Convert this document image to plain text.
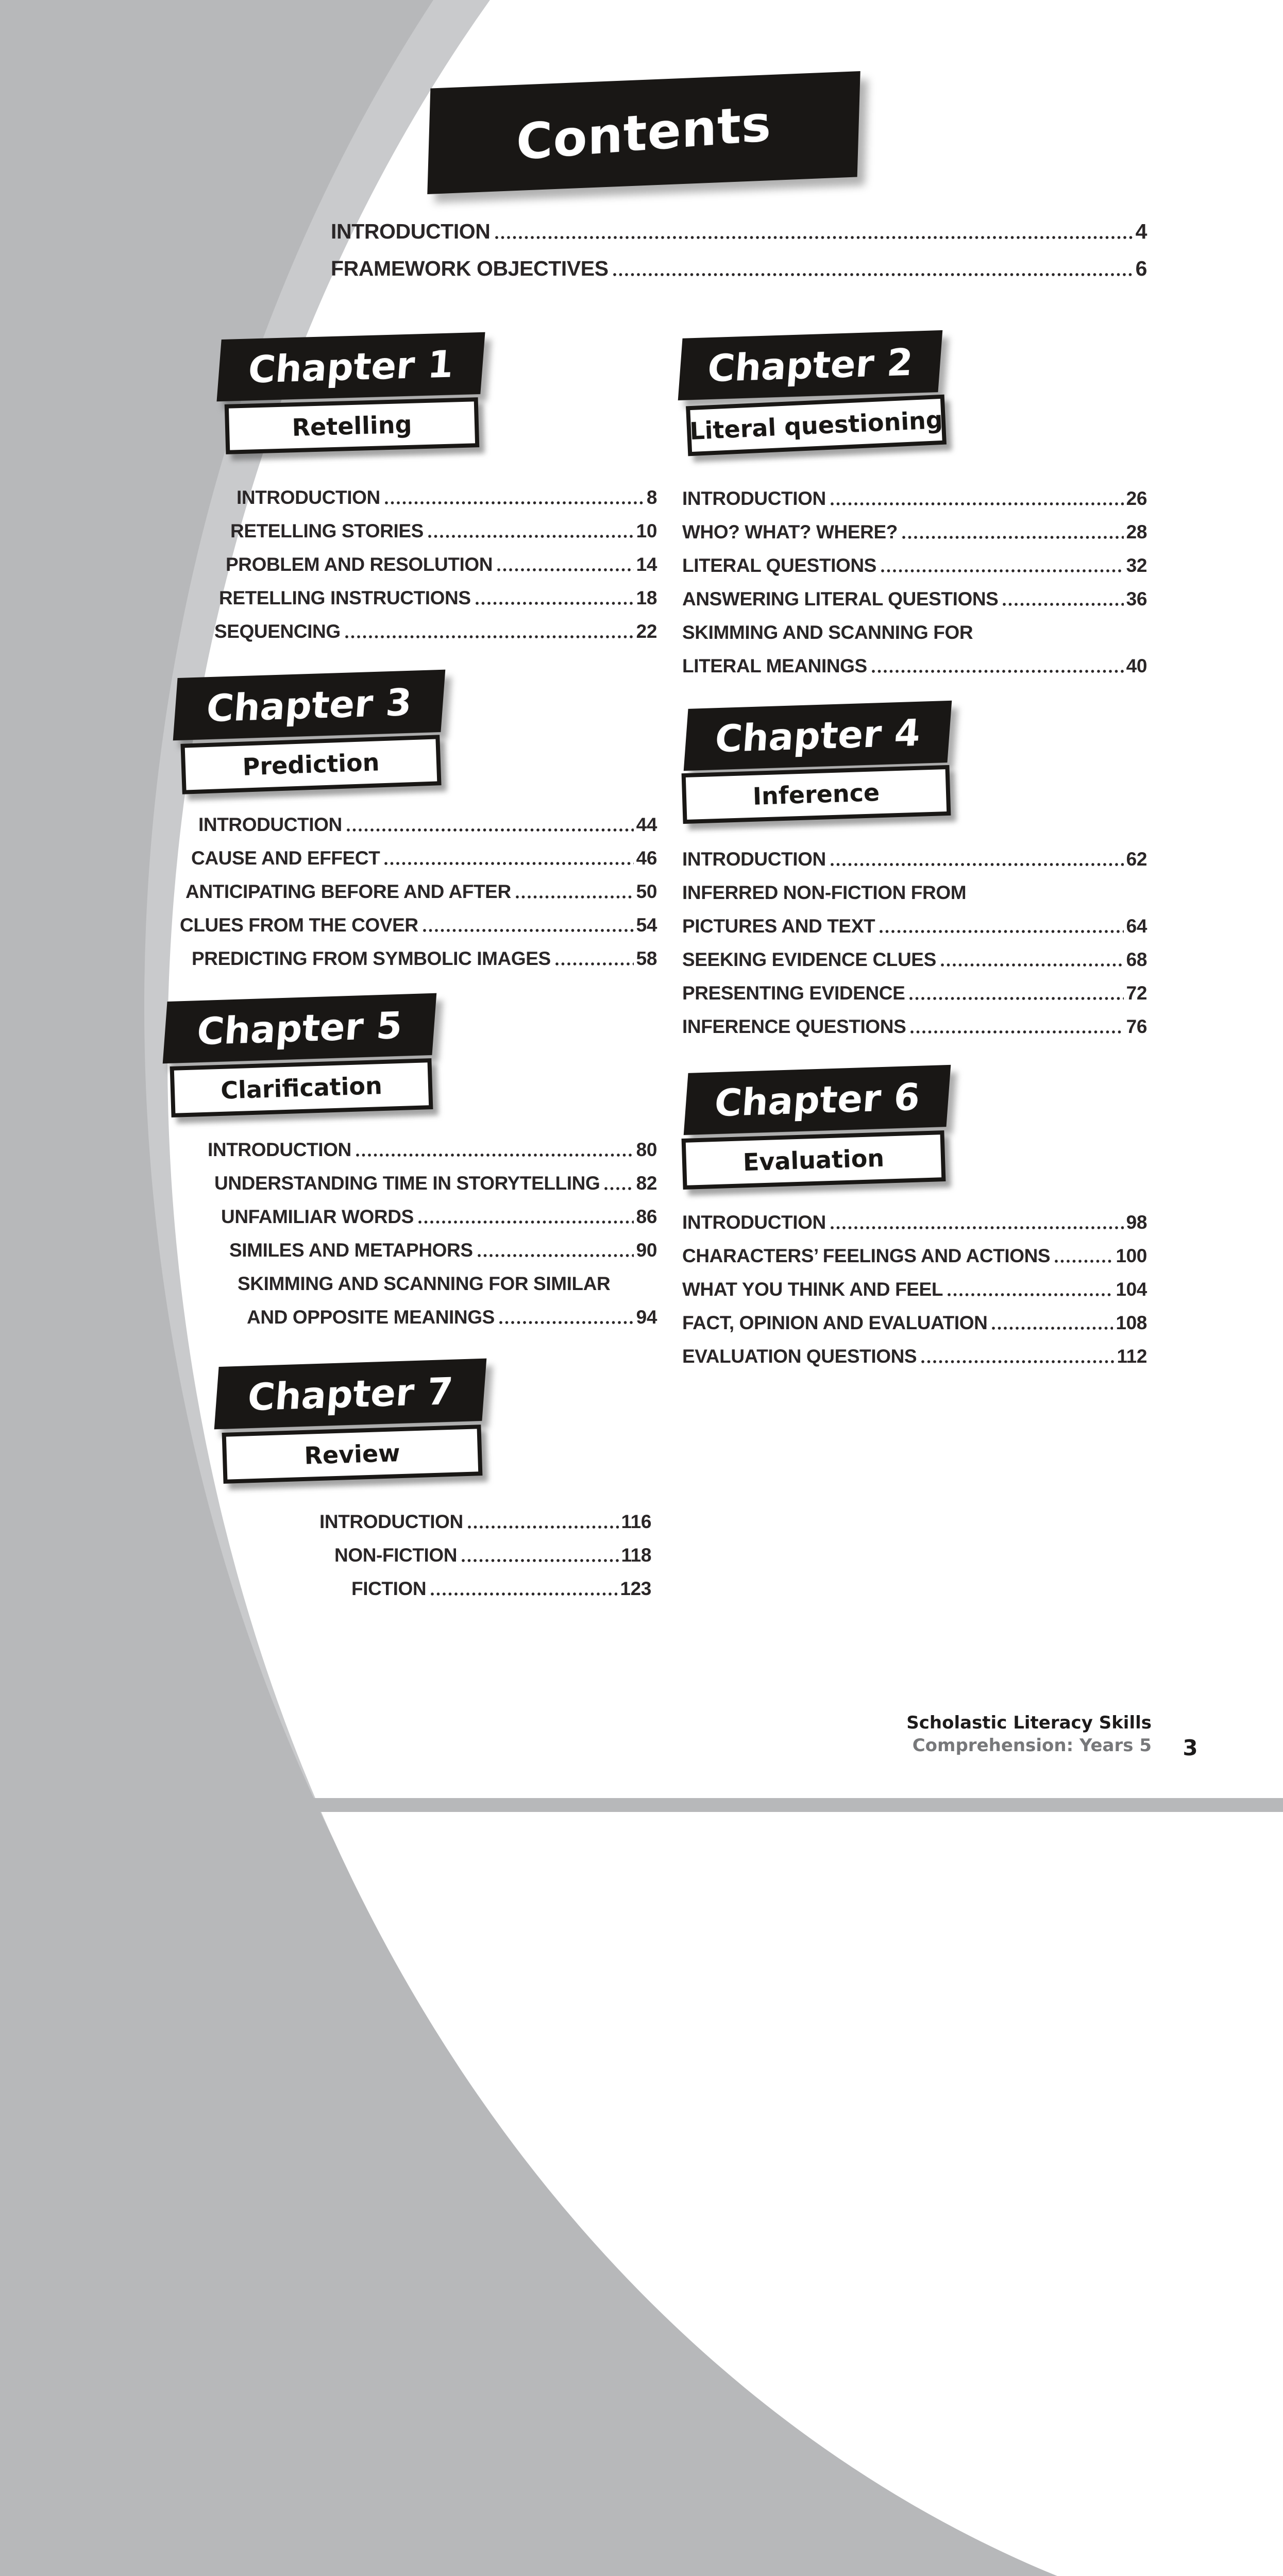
Contents
INTRODUCTION	4
FRAMEWORK OBJECTIVES	6
Chapter 1
Retelling
INTRODUCTION	8
RETELLING STORIES	10
PROBLEM AND RESOLUTION	14
RETELLING INSTRUCTIONS	18
SEQUENCING	22
Chapter 2
Literal questioning
INTRODUCTION	26
WHO? WHAT? WHERE?	28
LITERAL QUESTIONS	32
ANSWERING LITERAL QUESTIONS	36
SKIMMING AND SCANNING FOR
LITERAL MEANINGS	40
Chapter 3
Prediction
INTRODUCTION	44
CAUSE AND EFFECT	46
ANTICIPATING BEFORE AND AFTER	50
CLUES FROM THE COVER	54
PREDICTING FROM SYMBOLIC IMAGES	58
Chapter 4
Inference
INTRODUCTION	62
INFERRED NON-FICTION FROM
PICTURES AND TEXT	64
SEEKING EVIDENCE CLUES	68
PRESENTING EVIDENCE	72
INFERENCE QUESTIONS	76
Chapter 5
Clarification
INTRODUCTION	80
UNDERSTANDING TIME IN STORYTELLING 82
UNFAMILIAR WORDS	86
SIMILES AND METAPHORS	90
SKIMMING AND SCANNING FOR SIMILAR
AND OPPOSITE MEANINGS	94
Chapter 6
Evaluation
INTRODUCTION	98
CHARACTERS’ FEELINGS AND ACTIONS	100
WHAT YOU THINK AND FEEL	104
FACT, OPINION AND EVALUATION	108
EVALUATION QUESTIONS	112
Chapter 7
Review
INTRODUCTION	116
NON-FICTION	118
FICTION	123
Scholastic Literacy Skills
Comprehension: Years 5	3
